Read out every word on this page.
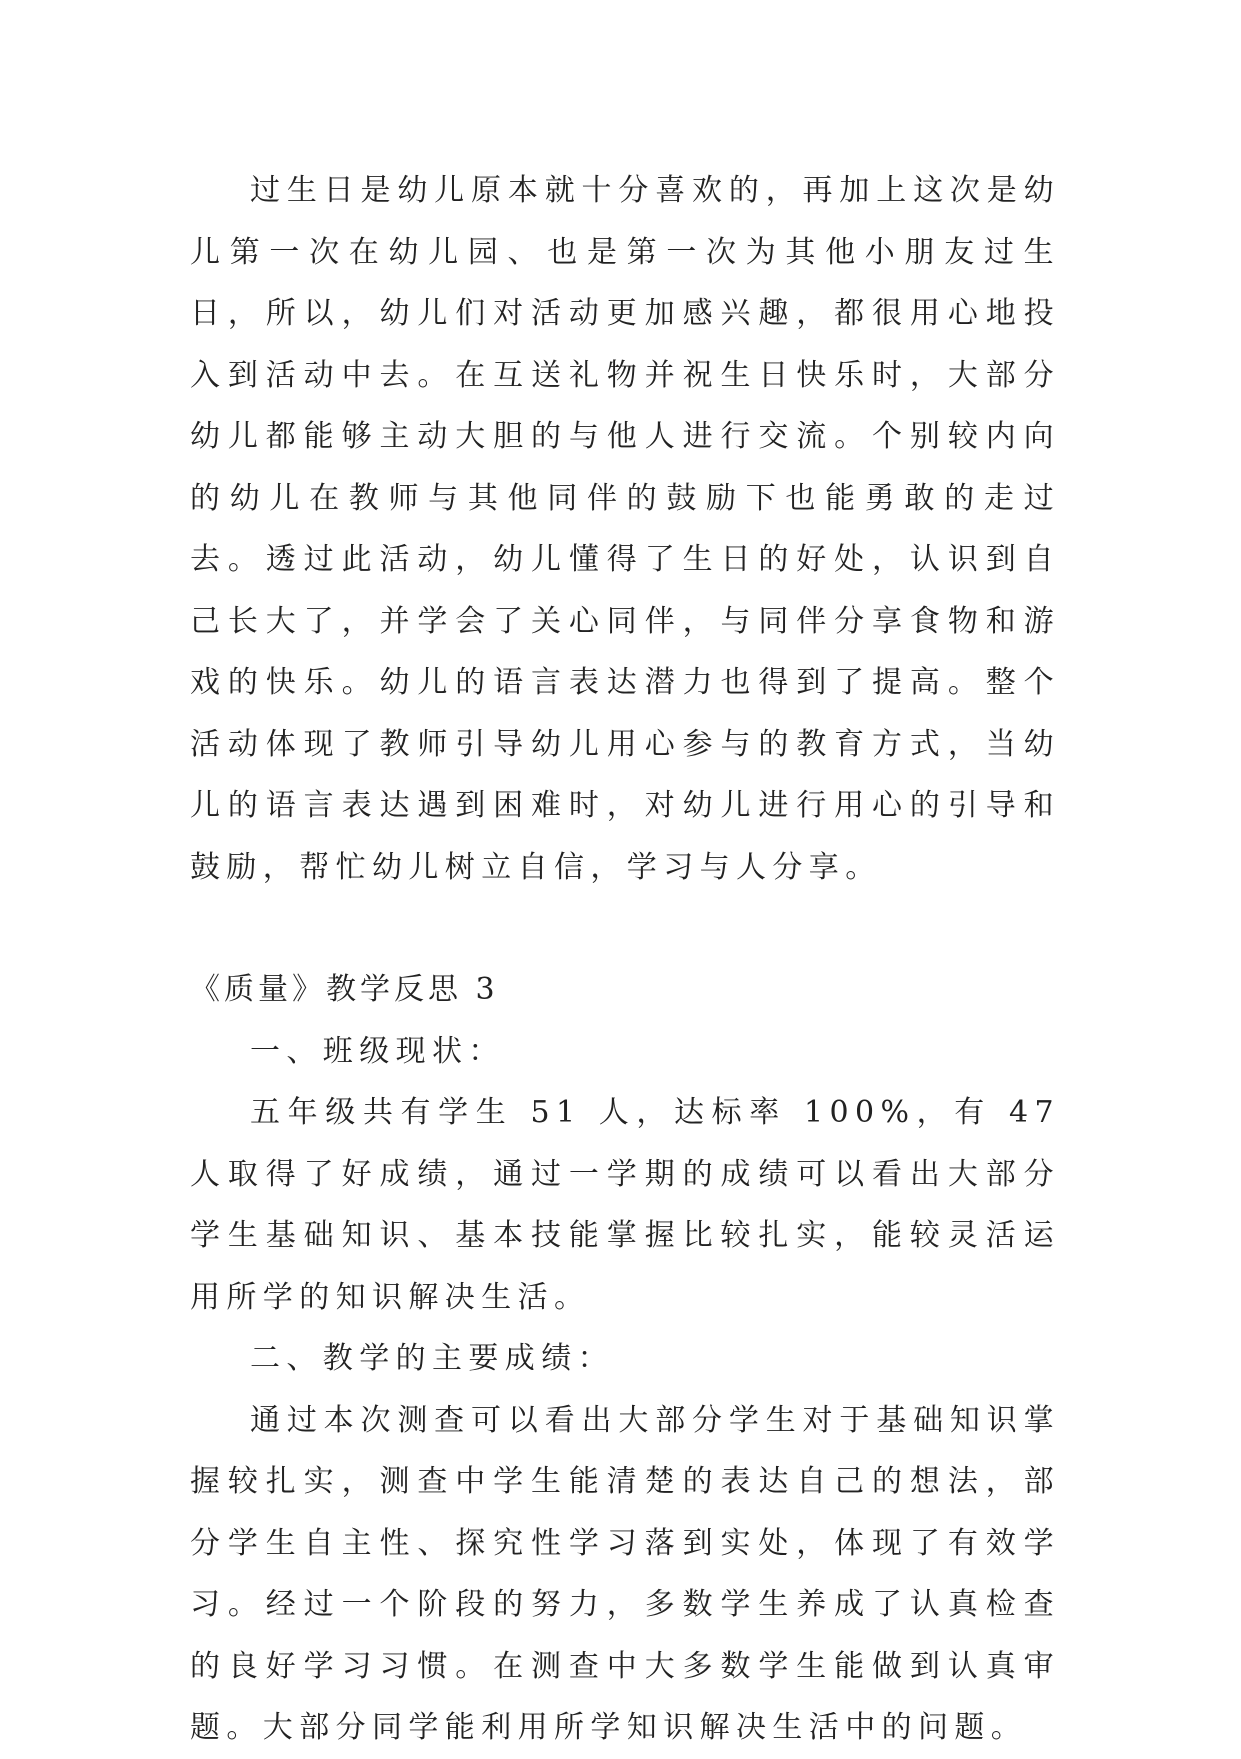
过生日是幼儿原本就十分喜欢的，再加上这次是幼儿第一次在幼儿园、也是第一次为其他小朋友过生日，所以，幼儿们对活动更加感兴趣，都很用心地投入到活动中去。在互送礼物并祝生日快乐时，大部分幼儿都能够主动大胆的与他人进行交流。个别较内向的幼儿在教师与其他同伴的鼓励下也能勇敢的走过去。透过此活动，幼儿懂得了生日的好处，认识到自己长大了，并学会了关心同伴，与同伴分享食物和游戏的快乐。幼儿的语言表达潜力也得到了提高。整个活动体现了教师引导幼儿用心参与的教育方式，当幼儿的语言表达遇到困难时，对幼儿进行用心的引导和鼓励，帮忙幼儿树立自信，学习与人分享。

《质量》教学反思 3

一、班级现状：

五年级共有学生 51 人，达标率 100%，有 47 人取得了好成绩，通过一学期的成绩可以看出大部分学生基础知识、基本技能掌握比较扎实，能较灵活运用所学的知识解决生活。

二、教学的主要成绩：

通过本次测查可以看出大部分学生对于基础知识掌握较扎实，测查中学生能清楚的表达自己的想法，部分学生自主性、探究性学习落到实处，体现了有效学习。经过一个阶段的努力，多数学生养成了认真检查的良好学习习惯。在测查中大多数学生能做到认真审题。大部分同学能利用所学知识解决生活中的问题。
